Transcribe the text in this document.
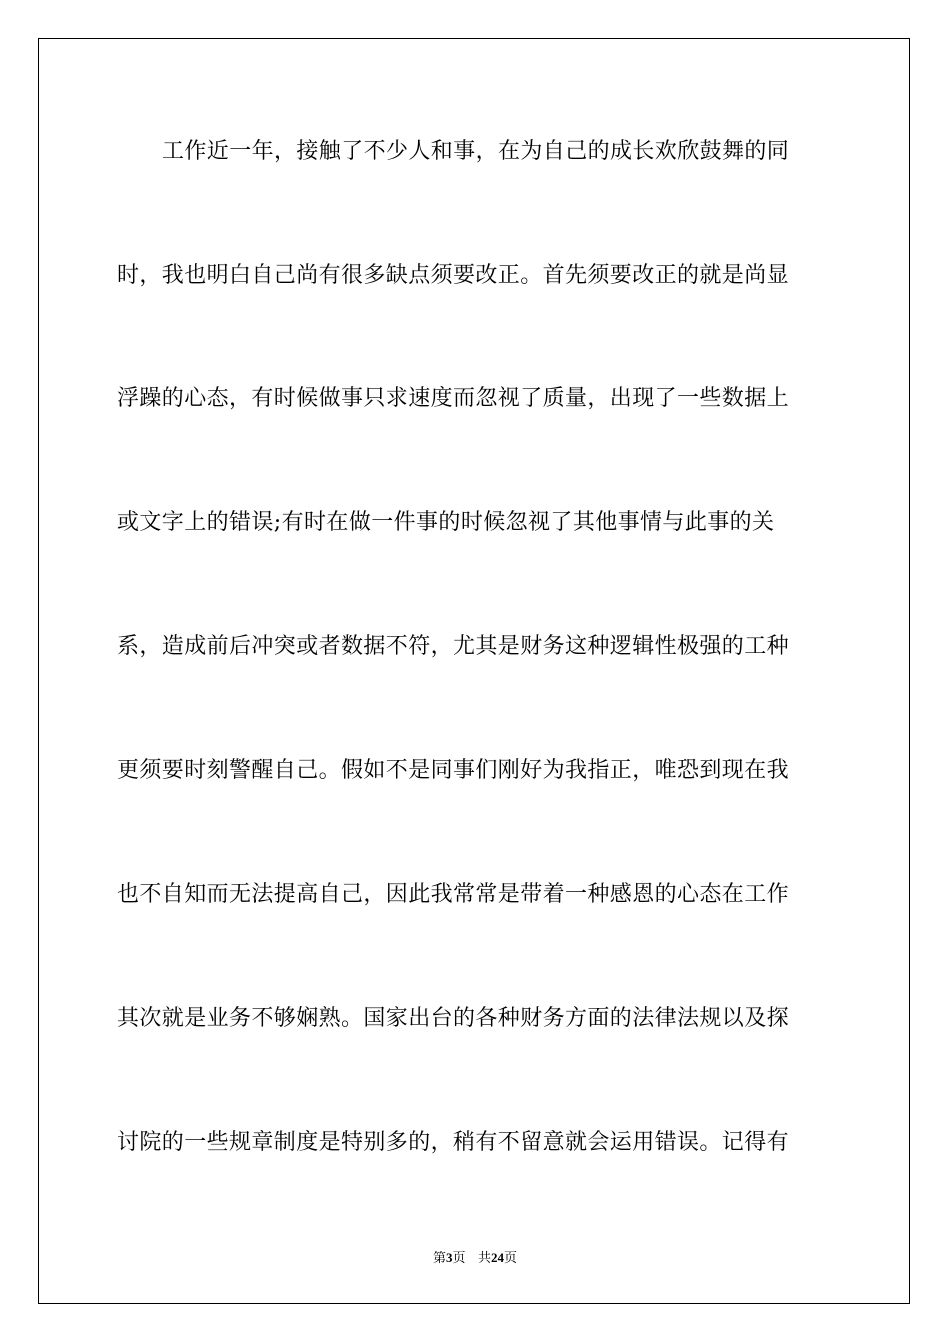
工作近一年，接触了不少人和事，在为自己的成长欢欣鼓舞的同
时，我也明白自己尚有很多缺点须要改正。首先须要改正的就是尚显
浮躁的心态，有时候做事只求速度而忽视了质量，出现了一些数据上
或文字上的错误;有时在做一件事的时候忽视了其他事情与此事的关
系，造成前后冲突或者数据不符，尤其是财务这种逻辑性极强的工种
更须要时刻警醒自己。假如不是同事们刚好为我指正，唯恐到现在我
也不自知而无法提高自己，因此我常常是带着一种感恩的心态在工作
其次就是业务不够娴熟。国家出台的各种财务方面的法律法规以及探
讨院的一些规章制度是特别多的，稍有不留意就会运用错误。记得有
第3页 共24页
